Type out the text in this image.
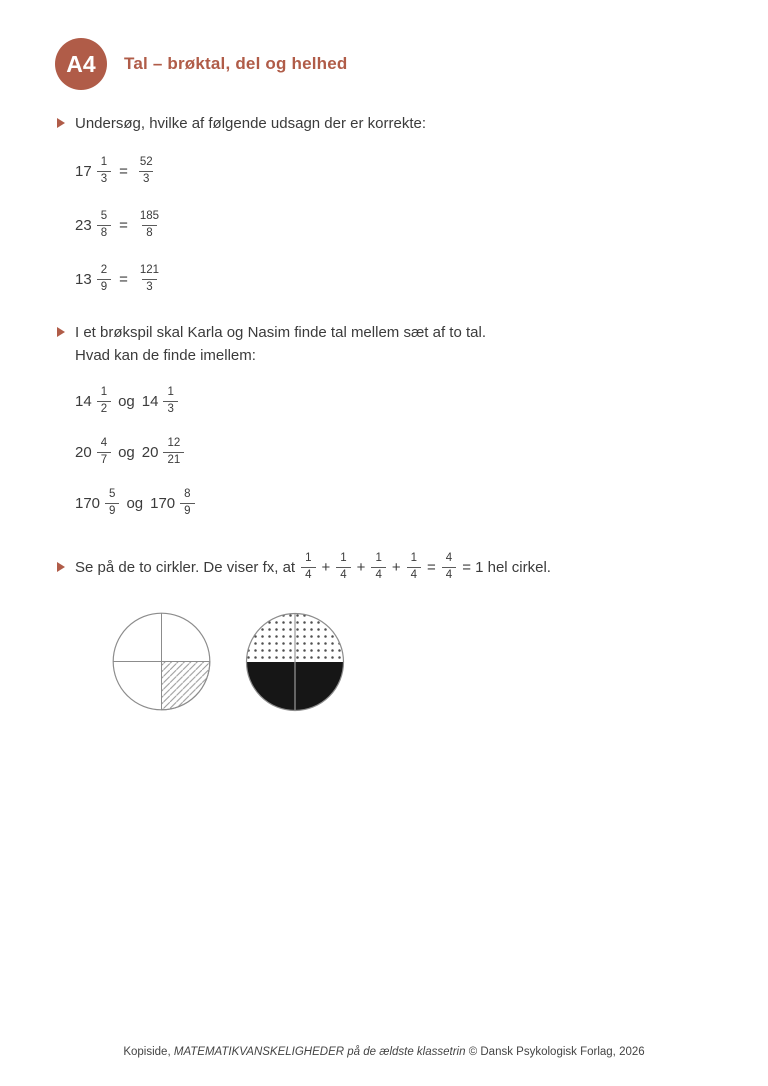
A4	Tal – brøktal, del og helhed
Undersøg, hvilke af følgende udsagn der er korrekte:
$17 \frac{1}{3} = \frac{52}{3}$
$23 \frac{5}{8} = \frac{185}{8}$
$13 \frac{2}{9} = \frac{121}{3}$
I et brøkspil skal Karla og Nasim finde tal mellem sæt af to tal.
Hvad kan de finde imellem:
$14 \frac{1}{2}$ og $14 \frac{1}{3}$
$20 \frac{4}{7}$ og $20 \frac{12}{21}$
$170 \frac{5}{9}$ og $170 \frac{8}{9}$
Se på de to cirkler. De viser fx, at $\frac{1}{4} + \frac{1}{4} + \frac{1}{4} + \frac{1}{4} = \frac{4}{4} = 1$ hel cirkel.
Kopiside, MATEMATIKVANSKELIGHEDER på de ældste klassetrin © Dansk Psykologisk Forlag, 2026
